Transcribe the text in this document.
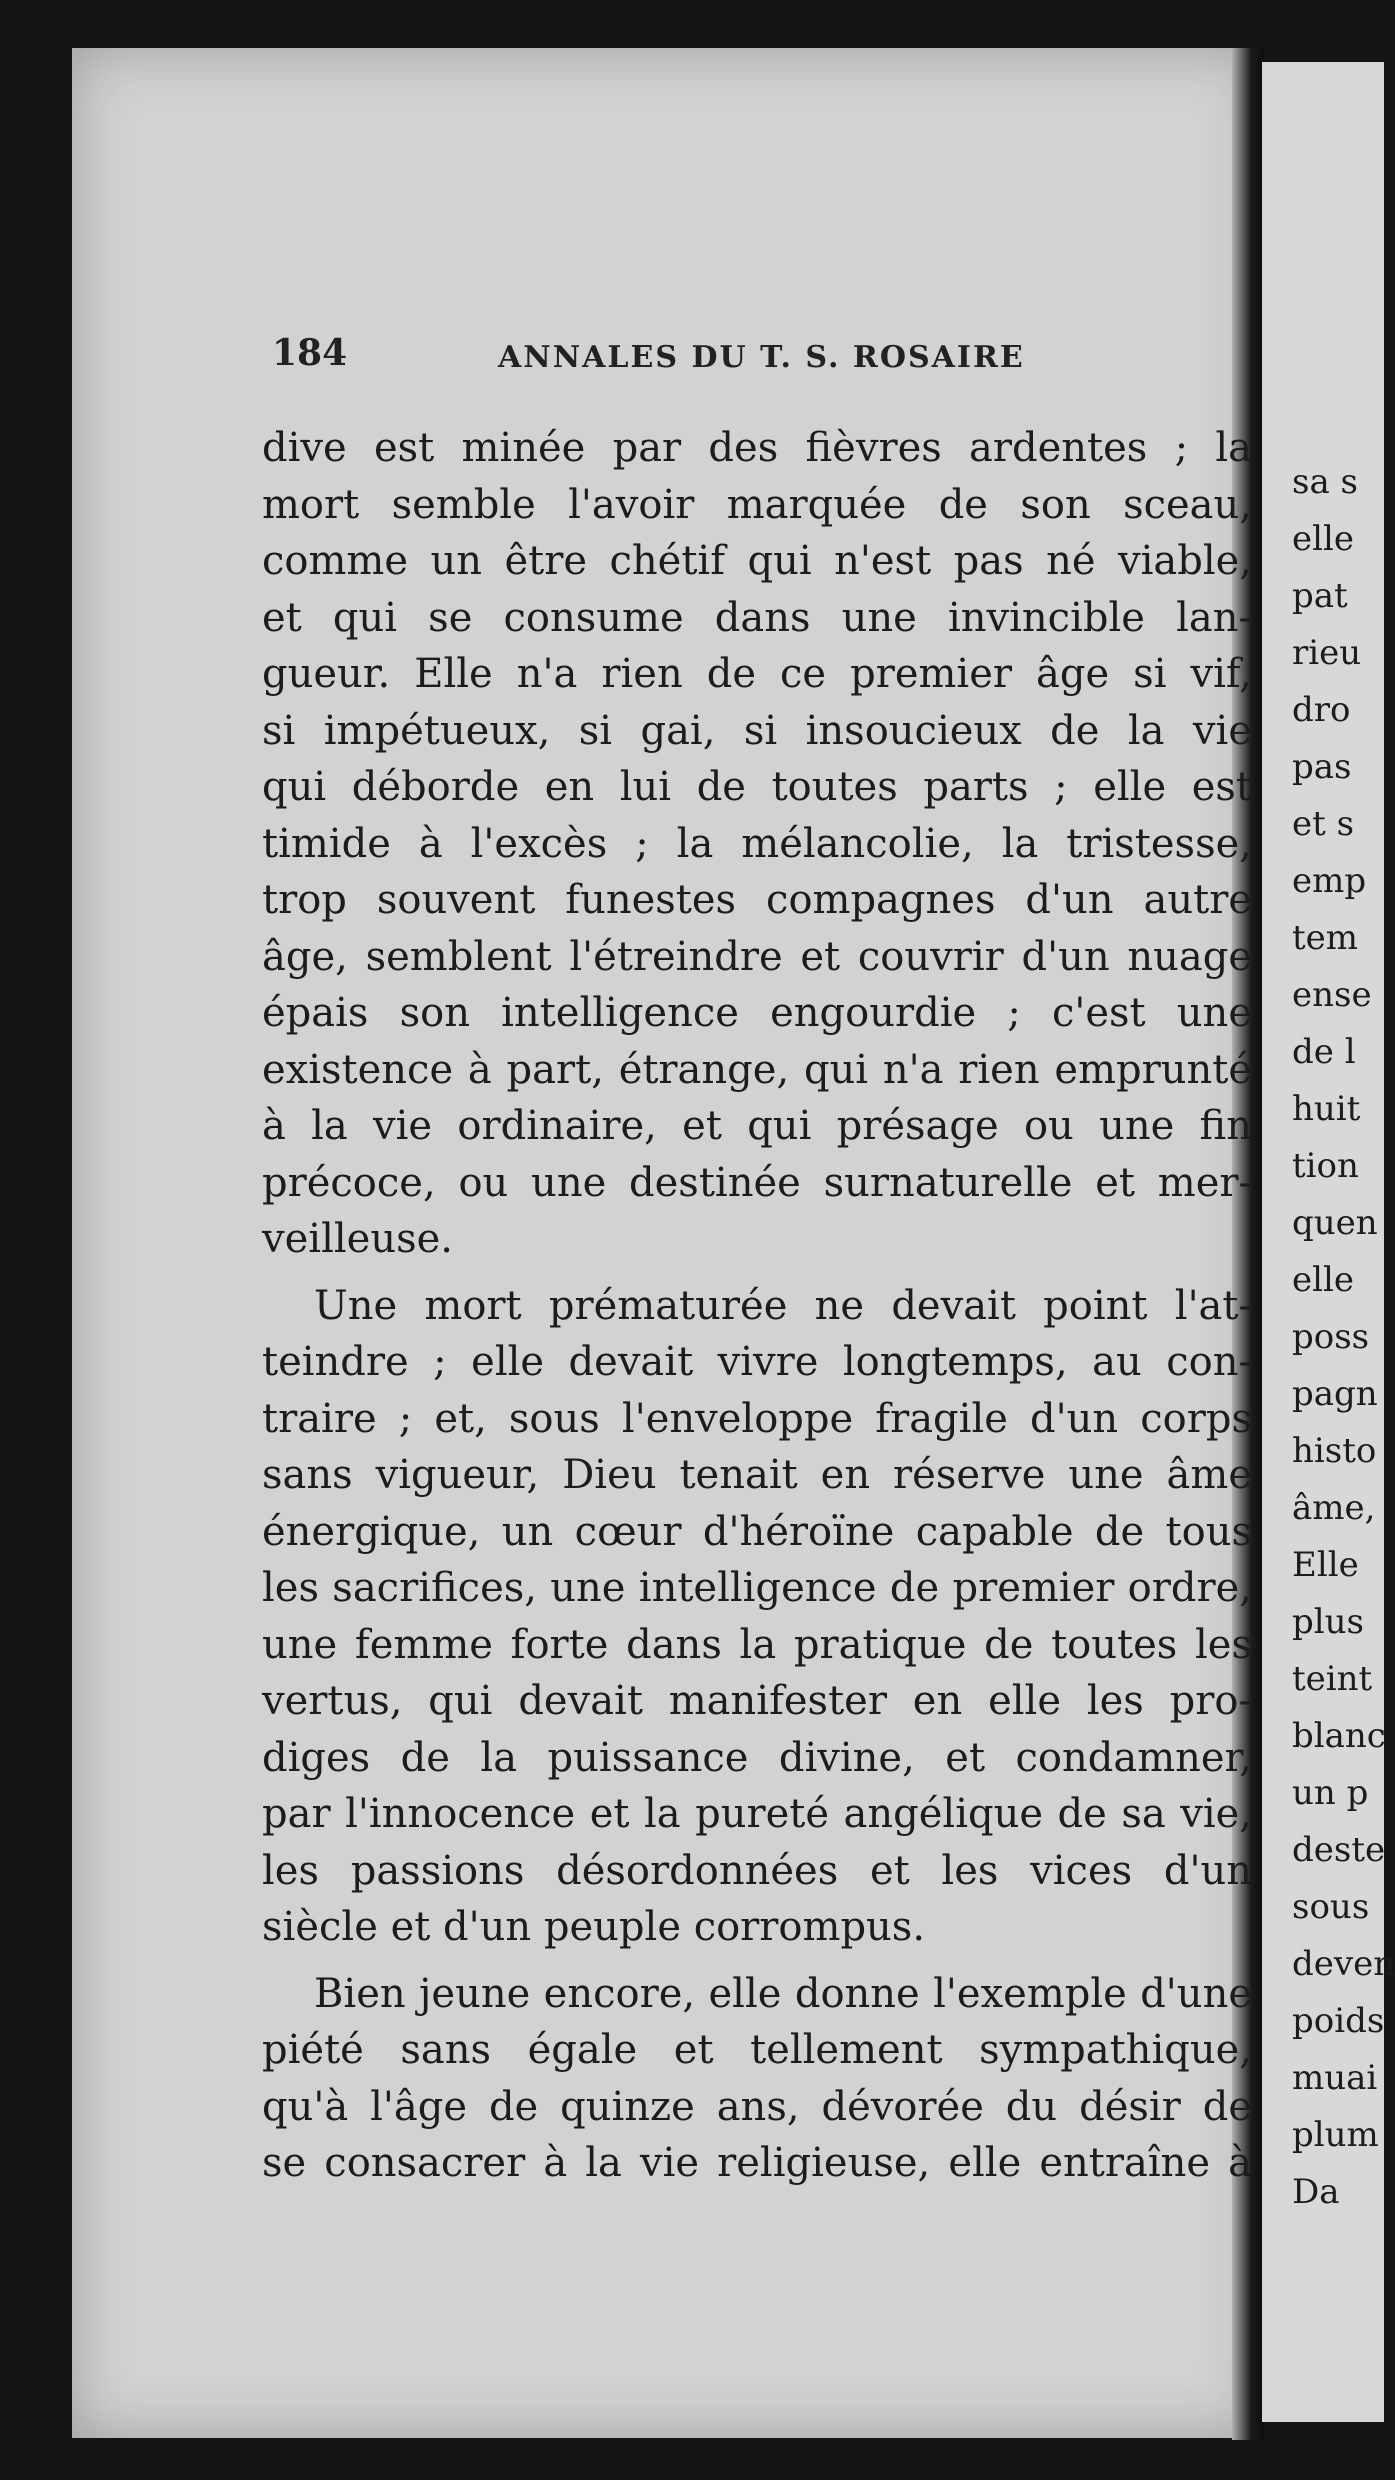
sa s
elle
pat
rieu
dro
pas
et s
emp
tem
ense
de l
huit
tion
quen
elle
poss
pagn
histo
âme,
Elle
plus
teint
blanc
un p
deste
sous
deven
poids
muai
plum
Da
184	ANNALES DU T. S. ROSAIRE
dive est minée par des fièvres ardentes ; la
mort semble l'avoir marquée de son sceau,
comme un être chétif qui n'est pas né viable,
et qui se consume dans une invincible lan-
gueur. Elle n'a rien de ce premier âge si vif,
si impétueux, si gai, si insoucieux de la vie
qui déborde en lui de toutes parts ; elle est
timide à l'excès ; la mélancolie, la tristesse,
trop souvent funestes compagnes d'un autre
âge, semblent l'étreindre et couvrir d'un nuage
épais son intelligence engourdie ; c'est une
existence à part, étrange, qui n'a rien emprunté
à la vie ordinaire, et qui présage ou une fin
précoce, ou une destinée surnaturelle et mer-
veilleuse.
Une mort prématurée ne devait point l'at-
teindre ; elle devait vivre longtemps, au con-
traire ; et, sous l'enveloppe fragile d'un corps
sans vigueur, Dieu tenait en réserve une âme
énergique, un cœur d'héroïne capable de tous
les sacrifices, une intelligence de premier ordre,
une femme forte dans la pratique de toutes les
vertus, qui devait manifester en elle les pro-
diges de la puissance divine, et condamner,
par l'innocence et la pureté angélique de sa vie,
les passions désordonnées et les vices d'un
siècle et d'un peuple corrompus.
Bien jeune encore, elle donne l'exemple d'une
piété sans égale et tellement sympathique,
qu'à l'âge de quinze ans, dévorée du désir de
se consacrer à la vie religieuse, elle entraîne à
